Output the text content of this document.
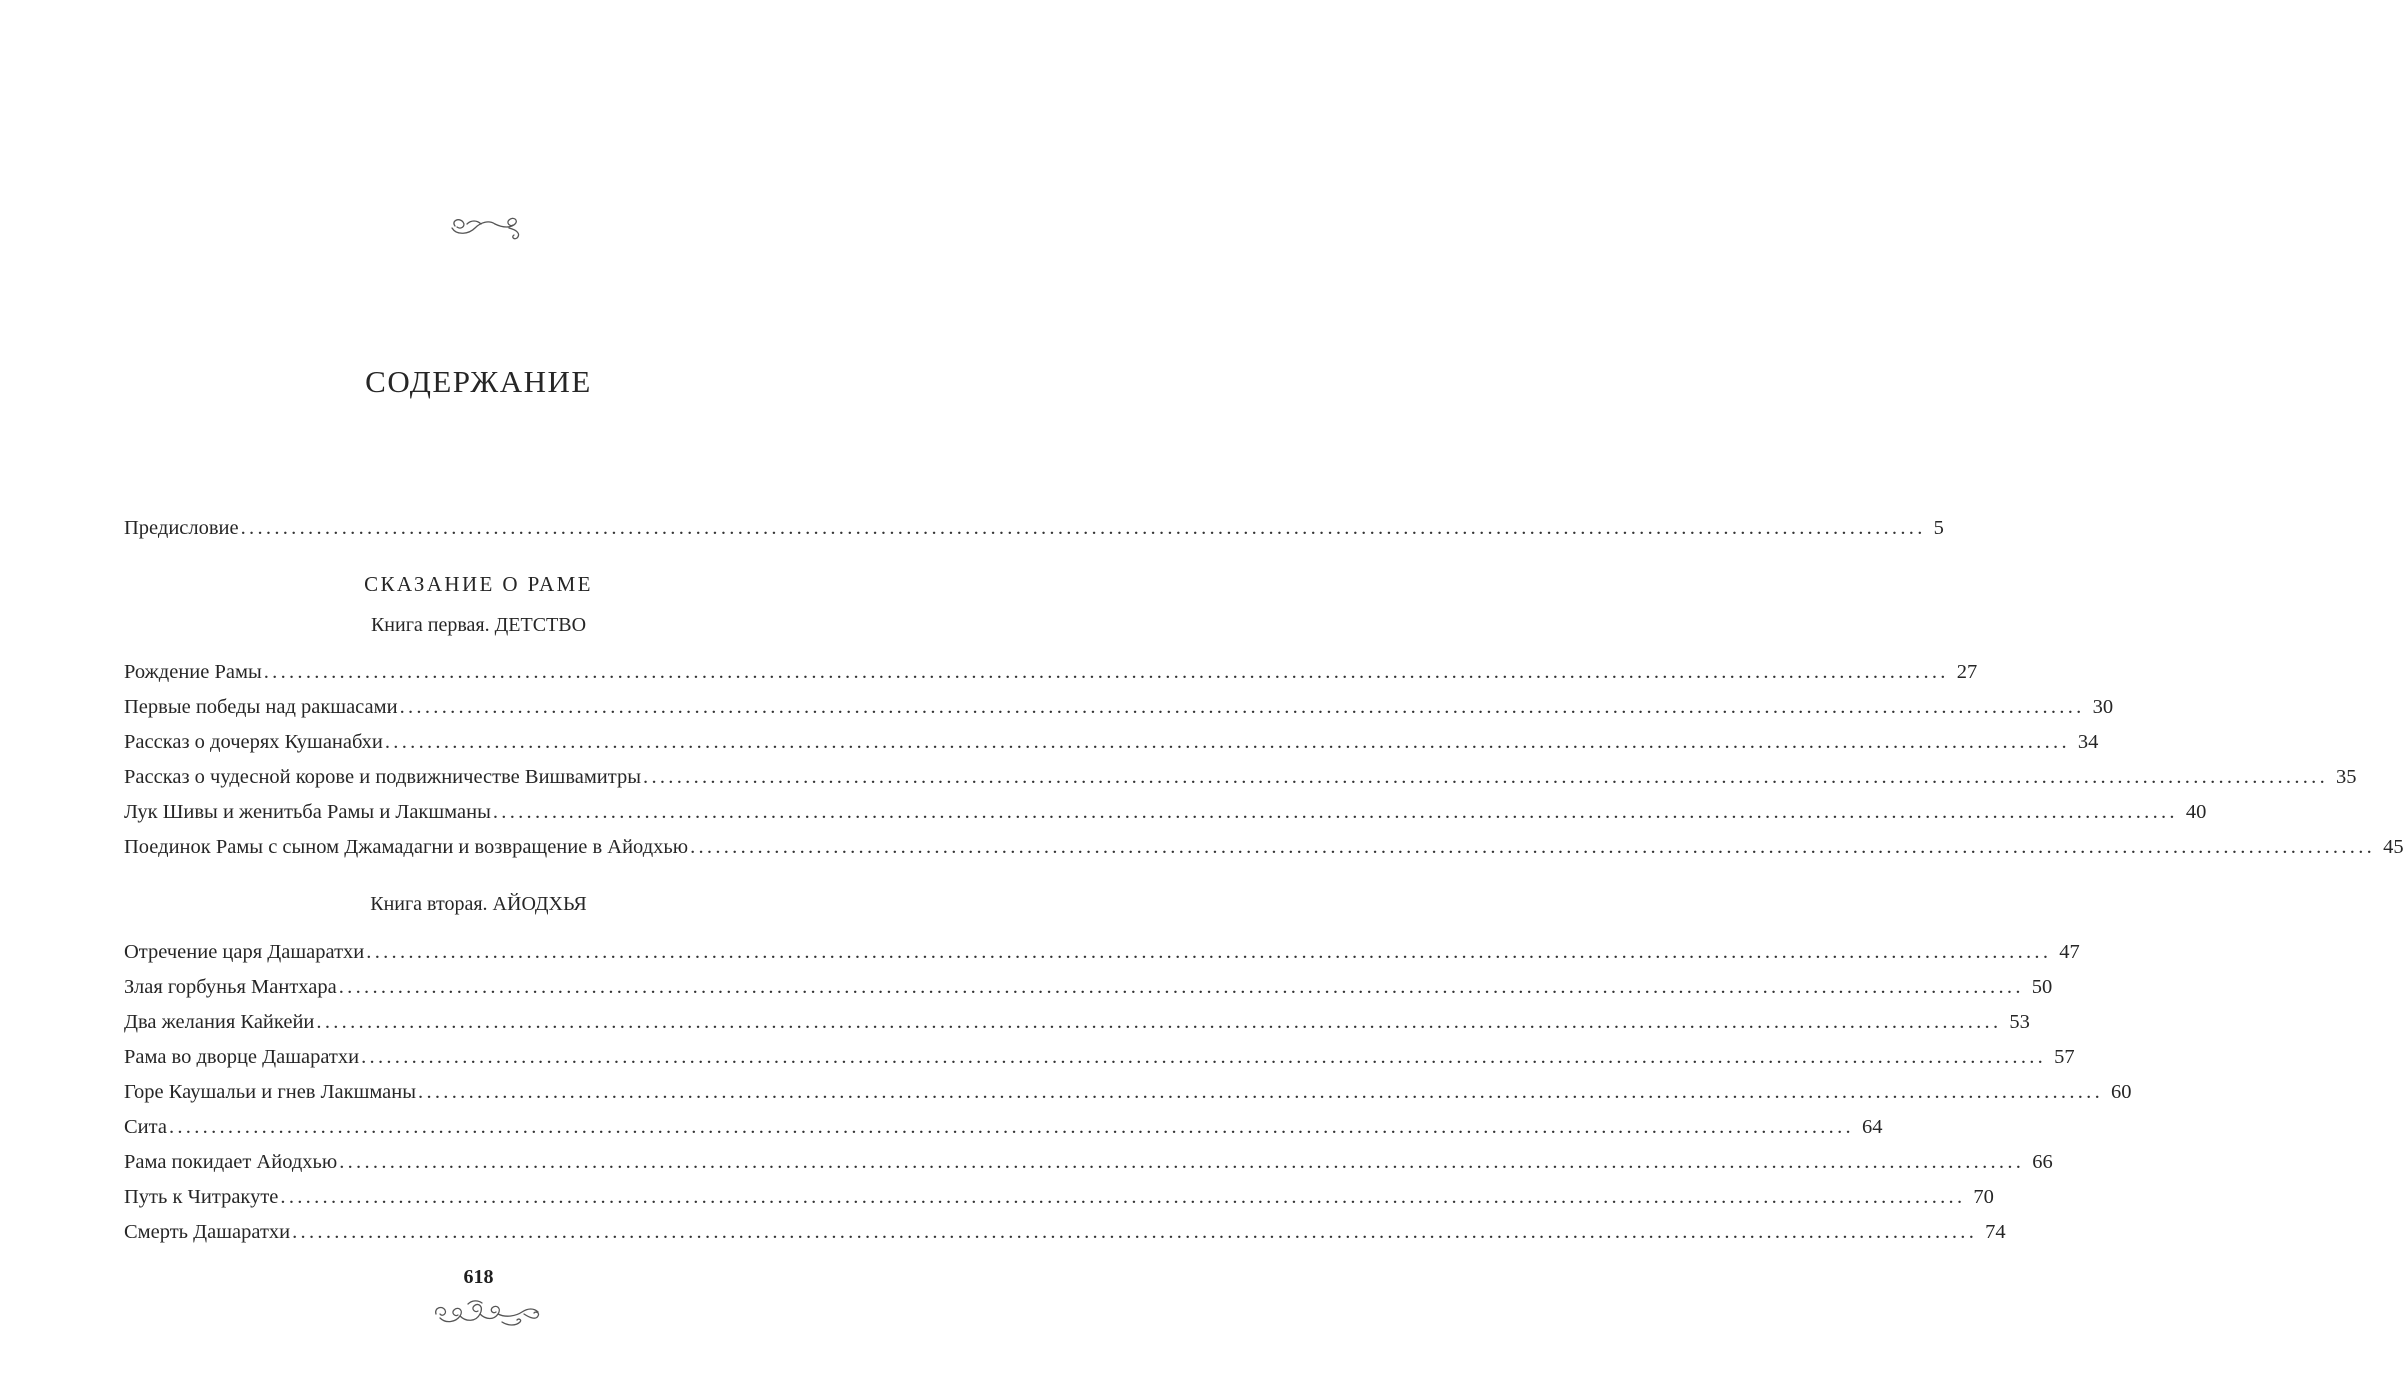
СОДЕРЖАНИЕ
Предисловие ........................................................................................................................................................................................................ 5
СКАЗАНИЕ О РАМЕ
Книга первая. ДЕТСТВО
Рождение Рамы ........................................................................................................................................................................................................ 27
Первые победы над ракшасами ........................................................................................................................................................................................................ 30
Рассказ о дочерях Кушанабхи ........................................................................................................................................................................................................ 34
Рассказ о чудесной корове и подвижничестве Вишвамитры ........................................................................................................................................................................................................ 35
Лук Шивы и женитьба Рамы и Лакшманы ........................................................................................................................................................................................................ 40
Поединок Рамы с сыном Джамадагни и возвращение в Айодхью ........................................................................................................................................................................................................ 45
Книга вторая. АЙОДХЬЯ
Отречение царя Дашаратхи ........................................................................................................................................................................................................ 47
Злая горбунья Мантхара ........................................................................................................................................................................................................ 50
Два желания Кайкейи ........................................................................................................................................................................................................ 53
Рама во дворце Дашаратхи ........................................................................................................................................................................................................ 57
Горе Каушальи и гнев Лакшманы ........................................................................................................................................................................................................ 60
Сита ........................................................................................................................................................................................................ 64
Рама покидает Айодхью ........................................................................................................................................................................................................ 66
Путь к Читракуте ........................................................................................................................................................................................................ 70
Смерть Дашаратхи ........................................................................................................................................................................................................ 74
618
